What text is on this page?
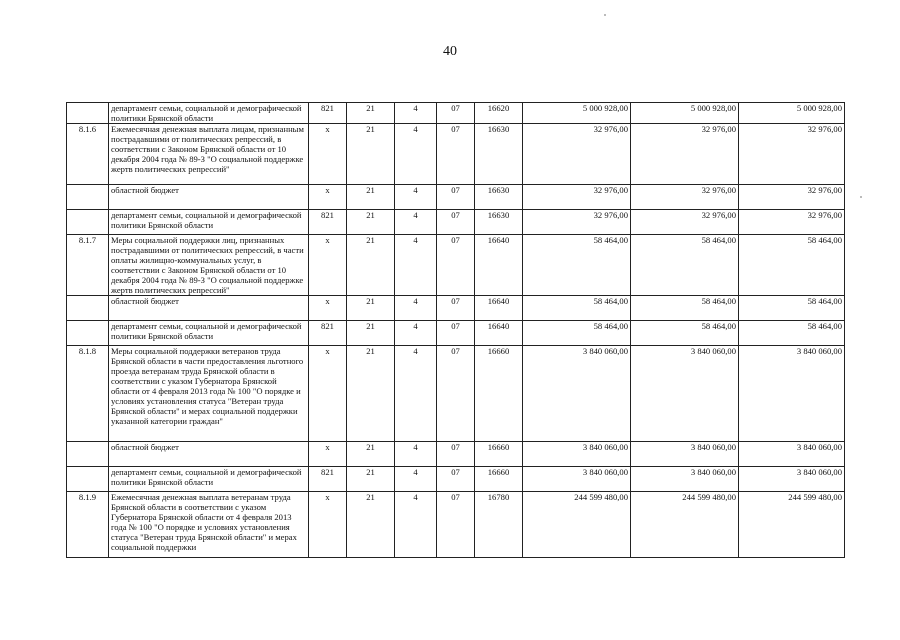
40
	департамент семьи, социальной и демографической политики Брянской области	821	21	4	07	16620	5 000 928,00	5 000 928,00	5 000 928,00
8.1.6	Ежемесячная денежная выплата лицам, признанным пострадавшими от политических репрессий, в соответствии с Законом Брянской области от 10 декабря 2004 года № 89-З "О социальной поддержке жертв политических репрессий"	х	21	4	07	16630	32 976,00	32 976,00	32 976,00
	областной бюджет	х	21	4	07	16630	32 976,00	32 976,00	32 976,00
	департамент семьи, социальной и демографической политики Брянской области	821	21	4	07	16630	32 976,00	32 976,00	32 976,00
8.1.7	Меры социальной поддержки лиц, признанных пострадавшими от политических репрессий, в части оплаты жилищно-коммунальных услуг, в соответствии с Законом Брянской области от 10 декабря 2004 года № 89-З "О социальной поддержке жертв политических репрессий"	х	21	4	07	16640	58 464,00	58 464,00	58 464,00
	областной бюджет	х	21	4	07	16640	58 464,00	58 464,00	58 464,00
	департамент семьи, социальной и демографической политики Брянской области	821	21	4	07	16640	58 464,00	58 464,00	58 464,00
8.1.8	Меры социальной поддержки ветеранов труда Брянской области в части предоставления льготного проезда ветеранам труда Брянской области в соответствии с указом Губернатора Брянской области от 4 февраля 2013 года № 100 "О порядке и условиях установления статуса "Ветеран труда Брянской области" и мерах социальной поддержки указанной категории граждан"	х	21	4	07	16660	3 840 060,00	3 840 060,00	3 840 060,00
	областной бюджет	х	21	4	07	16660	3 840 060,00	3 840 060,00	3 840 060,00
	департамент семьи, социальной и демографической политики Брянской области	821	21	4	07	16660	3 840 060,00	3 840 060,00	3 840 060,00
8.1.9	Ежемесячная денежная выплата ветеранам труда Брянской области в соответствии с указом Губернатора Брянской области от 4 февраля 2013 года № 100 "О порядке и условиях установления статуса "Ветеран труда Брянской области" и мерах социальной поддержки	х	21	4	07	16780	244 599 480,00	244 599 480,00	244 599 480,00
